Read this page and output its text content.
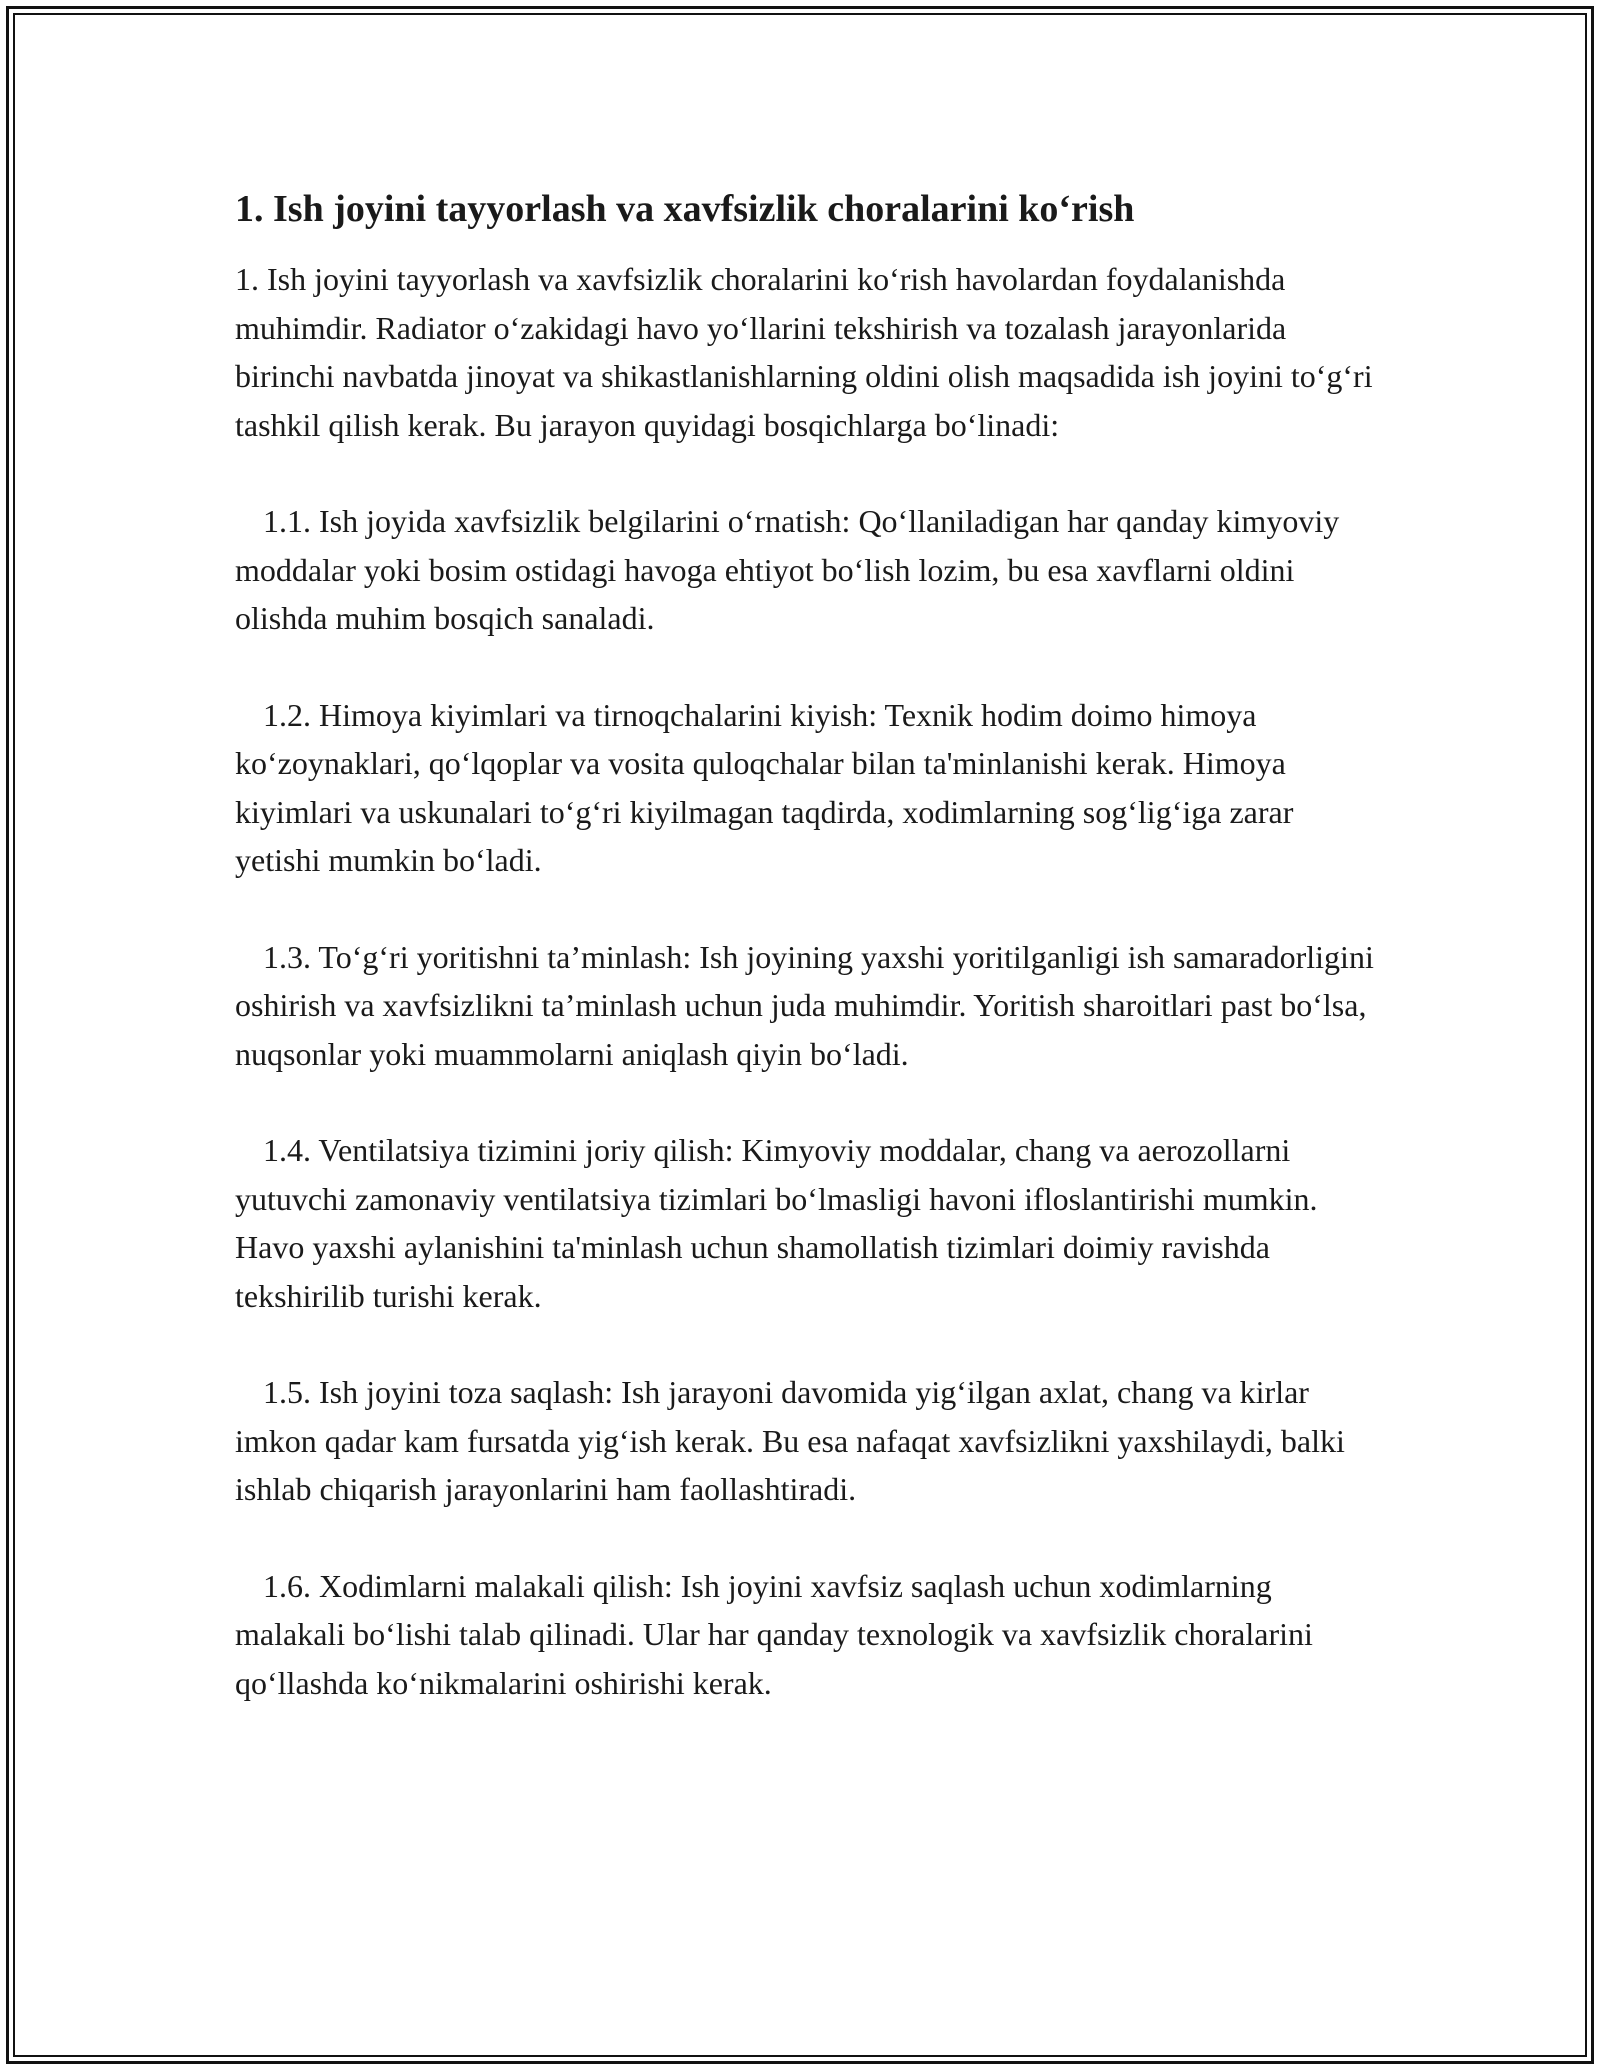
1. Ish joyini tayyorlash va xavfsizlik choralarini ko‘rish

1. Ish joyini tayyorlash va xavfsizlik choralarini ko‘rish havolardan foydalanishda muhimdir. Radiator o‘zakidagi havo yo‘llarini tekshirish va tozalash jarayonlarida birinchi navbatda jinoyat va shikastlanishlarning oldini olish maqsadida ish joyini to‘g‘ri tashkil qilish kerak. Bu jarayon quyidagi bosqichlarga bo‘linadi:

1.1. Ish joyida xavfsizlik belgilarini o‘rnatish: Qo‘llaniladigan har qanday kimyoviy moddalar yoki bosim ostidagi havoga ehtiyot bo‘lish lozim, bu esa xavflarni oldini olishda muhim bosqich sanaladi.

1.2. Himoya kiyimlari va tirnoqchalarini kiyish: Texnik hodim doimo himoya ko‘zoynaklari, qo‘lqoplar va vosita quloqchalar bilan ta'minlanishi kerak. Himoya kiyimlari va uskunalari to‘g‘ri kiyilmagan taqdirda, xodimlarning sog‘lig‘iga zarar yetishi mumkin bo‘ladi.

1.3. To‘g‘ri yoritishni ta’minlash: Ish joyining yaxshi yoritilganligi ish samaradorligini oshirish va xavfsizlikni ta’minlash uchun juda muhimdir. Yoritish sharoitlari past bo‘lsa, nuqsonlar yoki muammolarni aniqlash qiyin bo‘ladi.

1.4. Ventilatsiya tizimini joriy qilish: Kimyoviy moddalar, chang va aerozollarni yutuvchi zamonaviy ventilatsiya tizimlari bo‘lmasligi havoni ifloslantirishi mumkin. Havo yaxshi aylanishini ta'minlash uchun shamollatish tizimlari doimiy ravishda tekshirilib turishi kerak.

1.5. Ish joyini toza saqlash: Ish jarayoni davomida yig‘ilgan axlat, chang va kirlar imkon qadar kam fursatda yig‘ish kerak. Bu esa nafaqat xavfsizlikni yaxshilaydi, balki ishlab chiqarish jarayonlarini ham faollashtiradi.

1.6. Xodimlarni malakali qilish: Ish joyini xavfsiz saqlash uchun xodimlarning malakali bo‘lishi talab qilinadi. Ular har qanday texnologik va xavfsizlik choralarini qo‘llashda ko‘nikmalarini oshirishi kerak.
